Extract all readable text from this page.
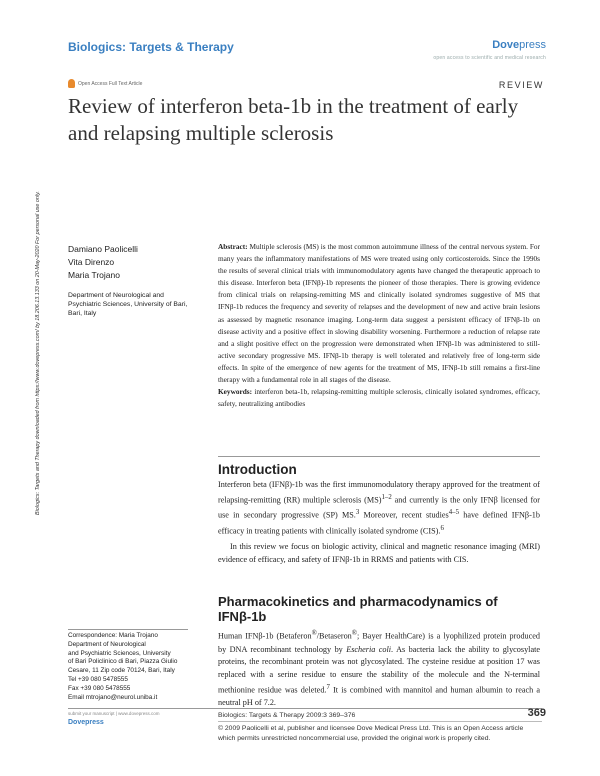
Biologics: Targets & Therapy	Dovepress
open access to scientific and medical research
Open Access Full Text Article	REVIEW
Review of interferon beta-1b in the treatment of early and relapsing multiple sclerosis
Biologics: Targets and Therapy downloaded from https://www.dovepress.com/ by 18.206.13.133 on 20-May-2020 For personal use only.	Damiano Paolicelli
Vita Direnzo
Maria Trojano
Department of Neurological and Psychiatric Sciences, University of Bari, Bari, Italy
Abstract: Multiple sclerosis (MS) is the most common autoimmune illness of the central nervous system. For many years the inflammatory manifestations of MS were treated using only corticosteroids. Since the 1990s the results of several clinical trials with immunomodulatory agents have changed the therapeutic approach to this disease. Interferon beta (IFNβ)-1b represents the pioneer of those therapies. There is growing evidence from clinical trials on relapsing-remitting MS and clinically isolated syndromes suggestive of MS that IFNβ-1b reduces the frequency and severity of relapses and the development of new and active brain lesions as assessed by magnetic resonance imaging. Long-term data suggest a persistent efficacy of IFNβ-1b on disease activity and a positive effect in slowing disability worsening. Furthermore a reduction of relapse rate and a slight positive effect on the progression were demonstrated when IFNβ-1b was administered to still-active secondary progressive MS. IFNβ-1b therapy is well tolerated and relatively free of long-term side effects. In spite of the emergence of new agents for the treatment of MS, IFNβ-1b still remains a first-line therapy with a fundamental role in all stages of the disease.
Keywords: interferon beta-1b, relapsing-remitting multiple sclerosis, clinically isolated syndromes, efficacy, safety, neutralizing antibodies
Introduction

Interferon beta (IFNβ)-1b was the first immunomodulatory therapy approved for the treatment of relapsing-remitting (RR) multiple sclerosis (MS)$^{1-2}$ and currently is the only IFNβ licensed for use in secondary progressive (SP) MS.$^3$ Moreover, recent studies$^{4-5}$ have defined IFNβ-1b efficacy in treating patients with clinically isolated syndrome (CIS).$^6$

In this review we focus on biologic activity, clinical and magnetic resonance imaging (MRI) evidence of efficacy, and safety of IFNβ-1b in RRMS and patients with CIS.

Pharmacokinetics and pharmacodynamics of IFNβ-1b
Human IFNβ-1b (Betaferon®/Betaseron®; Bayer HealthCare) is a lyophilized protein produced by DNA recombinant technology by Escheria coli. As bacteria lack the ability to glycosylate proteins, the recombinant protein was not glycosylated. The cysteine residue at position 17 was replaced with a serine residue to ensure the stability of the molecule and the N-terminal methionine residue was deleted.$^7$ It is combined with mannitol and human albumin to reach a neutral pH of 7.2.
Correspondence: Maria Trojano
Department of Neurological
and Psychiatric Sciences, University
of Bari Policlinico di Bari, Piazza Giulio
Cesare, 11 Zip code 70124, Bari, Italy
Tel +39 080 5478555
Fax +39 080 5478555
Email mtrojano@neurol.uniba.it
submit your manuscript | www.dovepress.com
Dovepress
Biologics: Targets & Therapy 2009:3 369–376	369
© 2009 Paolicelli et al, publisher and licensee Dove Medical Press Ltd. This is an Open Access article which permits unrestricted noncommercial use, provided the original work is properly cited.
